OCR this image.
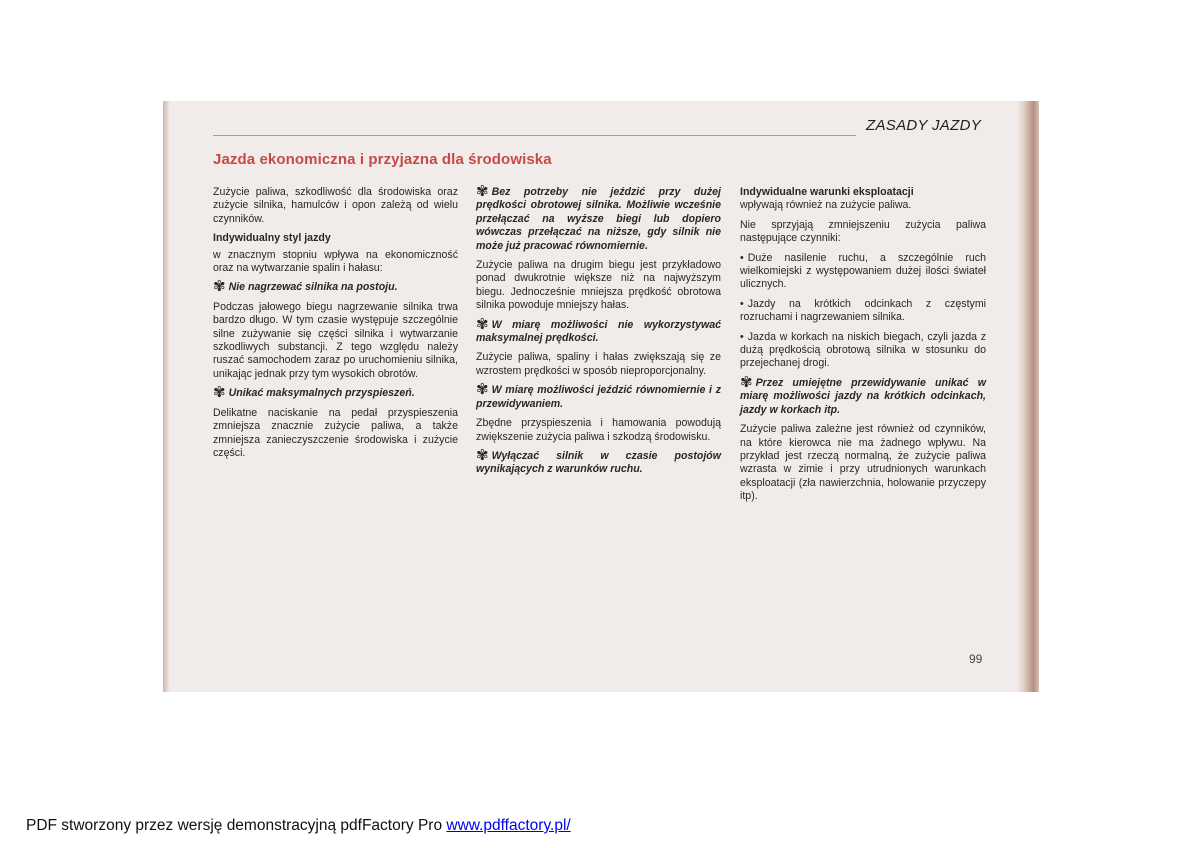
ZASADY JAZDY
Jazda ekonomiczna i przyjazna dla środowiska

Zużycie paliwa, szkodliwość dla środowiska oraz zużycie silnika, hamulców i opon zależą od wielu czynników.

Indywidualny styl jazdy

w znacznym stopniu wpływa na ekonomiczność oraz na wytwarzanie spalin i hałasu:

✾ Nie nagrzewać silnika na postoju.

Podczas jałowego biegu nagrzewanie silnika trwa bardzo długo. W tym czasie występuje szczególnie silne zużywanie się części silnika i wytwarzanie szkodliwych substancji. Z tego względu należy ruszać samochodem zaraz po uruchomieniu silnika, unikając jednak przy tym wysokich obrotów.

✾ Unikać maksymalnych przyspieszeń.

Delikatne naciskanie na pedał przyspieszenia zmniejsza znacznie zużycie paliwa, a także zmniejsza zanieczyszczenie środowiska i zużycie części.

✾ Bez potrzeby nie jeździć przy dużej prędkości obrotowej silnika. Możliwie wcześnie przełączać na wyższe biegi lub dopiero wówczas przełączać na niższe, gdy silnik nie może już pracować równomiernie.

Zużycie paliwa na drugim biegu jest przykładowo ponad dwukrotnie większe niż na najwyższym biegu. Jednocześnie mniejsza prędkość obrotowa silnika powoduje mniejszy hałas.

✾ W miarę możliwości nie wykorzystywać maksymalnej prędkości.

Zużycie paliwa, spaliny i hałas zwiększają się ze wzrostem prędkości w sposób nieproporcjonalny.

✾ W miarę możliwości jeździć równomiernie i z przewidywaniem.

Zbędne przyspieszenia i hamowania powodują zwiększenie zużycia paliwa i szkodzą środowisku.

✾ Wyłączać silnik w czasie postojów wynikających z warunków ruchu.

Indywidualne warunki eksploatacji
wpływają również na zużycie paliwa.

Nie sprzyjają zmniejszeniu zużycia paliwa następujące czynniki:

• Duże nasilenie ruchu, a szczególnie ruch wielkomiejski z występowaniem dużej ilości świateł ulicznych.
• Jazdy na krótkich odcinkach z częstymi rozruchami i nagrzewaniem silnika.
• Jazda w korkach na niskich biegach, czyli jazda z dużą prędkością obrotową silnika w stosunku do przejechanej drogi.

✾ Przez umiejętne przewidywanie unikać w miarę możliwości jazdy na krótkich odcinkach, jazdy w korkach itp.

Zużycie paliwa zależne jest również od czynników, na które kierowca nie ma żadnego wpływu. Na przykład jest rzeczą normalną, że zużycie paliwa wzrasta w zimie i przy utrudnionych warunkach eksploatacji (zła nawierzchnia, holowanie przyczepy itp).

99
PDF stworzony przez wersję demonstracyjną pdfFactory Pro www.pdffactory.pl/
